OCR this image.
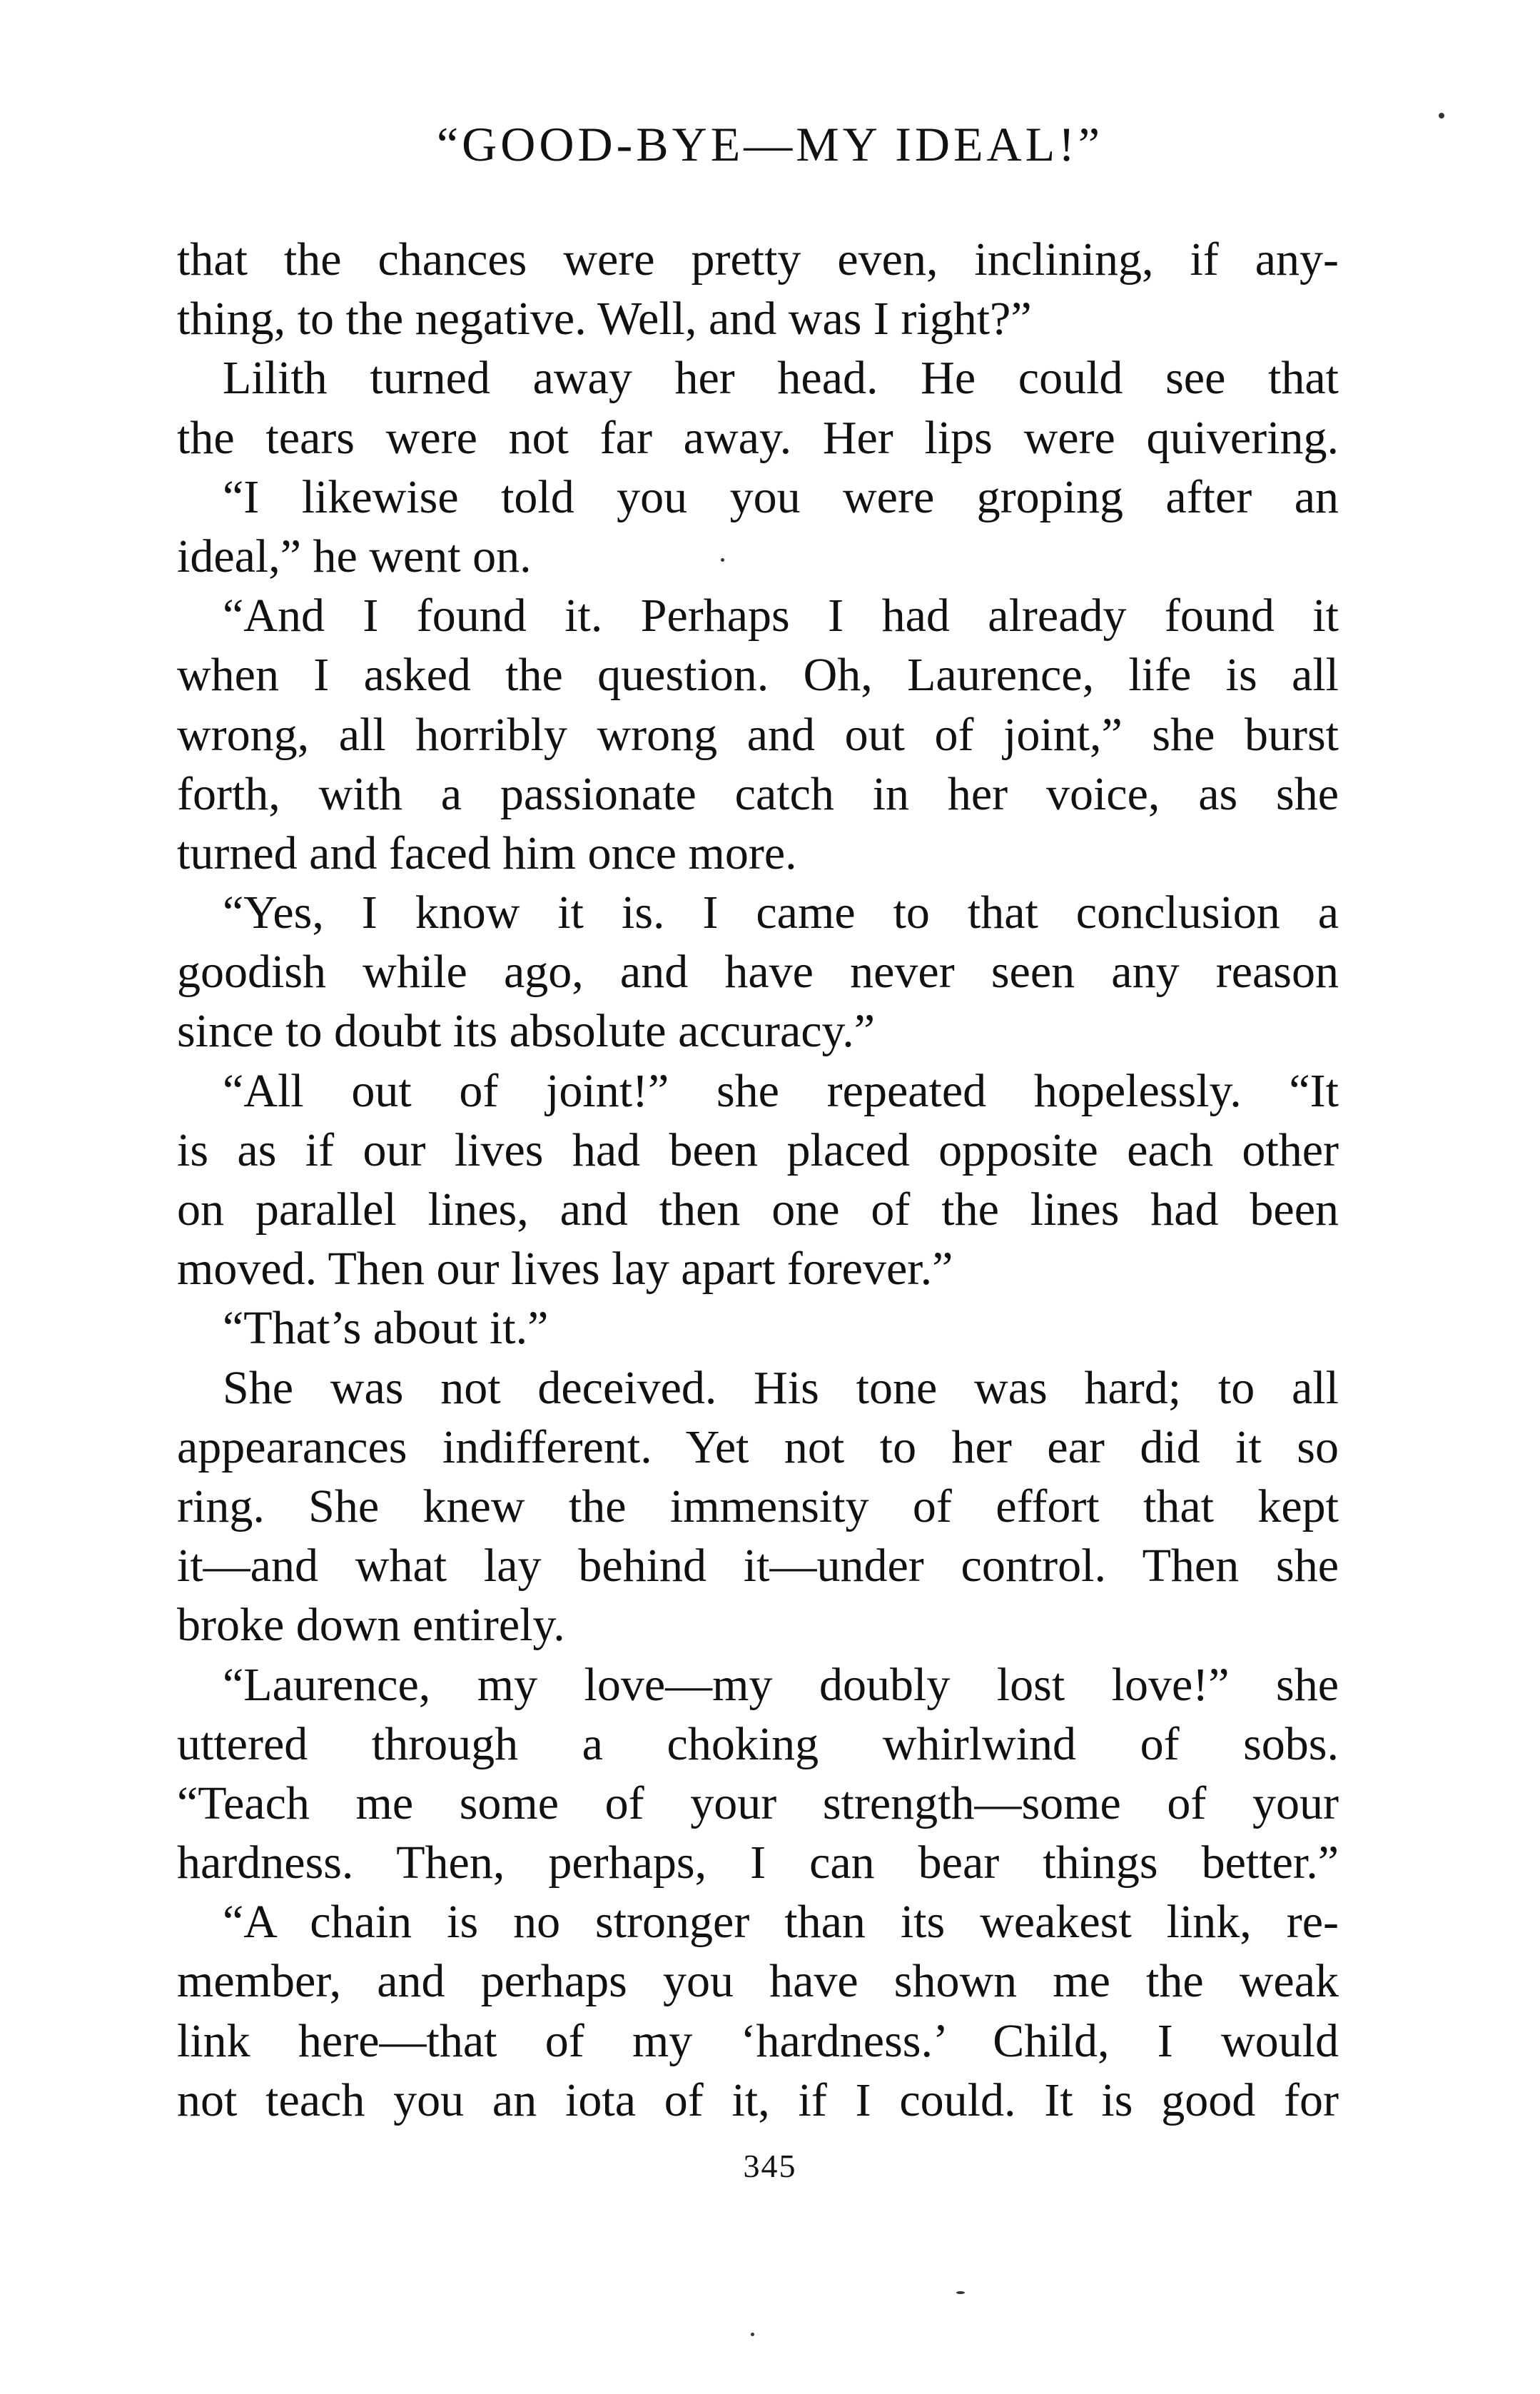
“GOOD-BYE—MY IDEAL!”
that the chances were pretty even, inclining, if any-
thing, to the negative. Well, and was I right?”
Lilith turned away her head. He could see that
the tears were not far away. Her lips were quivering.
“I likewise told you you were groping after an
ideal,” he went on.
“And I found it. Perhaps I had already found it
when I asked the question. Oh, Laurence, life is all
wrong, all horribly wrong and out of joint,” she burst
forth, with a passionate catch in her voice, as she
turned and faced him once more.
“Yes, I know it is. I came to that conclusion a
goodish while ago, and have never seen any reason
since to doubt its absolute accuracy.”
“All out of joint!” she repeated hopelessly. “It
is as if our lives had been placed opposite each other
on parallel lines, and then one of the lines had been
moved. Then our lives lay apart forever.”
“That’s about it.”
She was not deceived. His tone was hard; to all
appearances indifferent. Yet not to her ear did it so
ring. She knew the immensity of effort that kept
it—and what lay behind it—under control. Then she
broke down entirely.
“Laurence, my love—my doubly lost love!” she
uttered through a choking whirlwind of sobs.
“Teach me some of your strength—some of your
hardness. Then, perhaps, I can bear things better.”
“A chain is no stronger than its weakest link, re-
member, and perhaps you have shown me the weak
link here—that of my ‘hardness.’ Child, I would
not teach you an iota of it, if I could. It is good for
345
